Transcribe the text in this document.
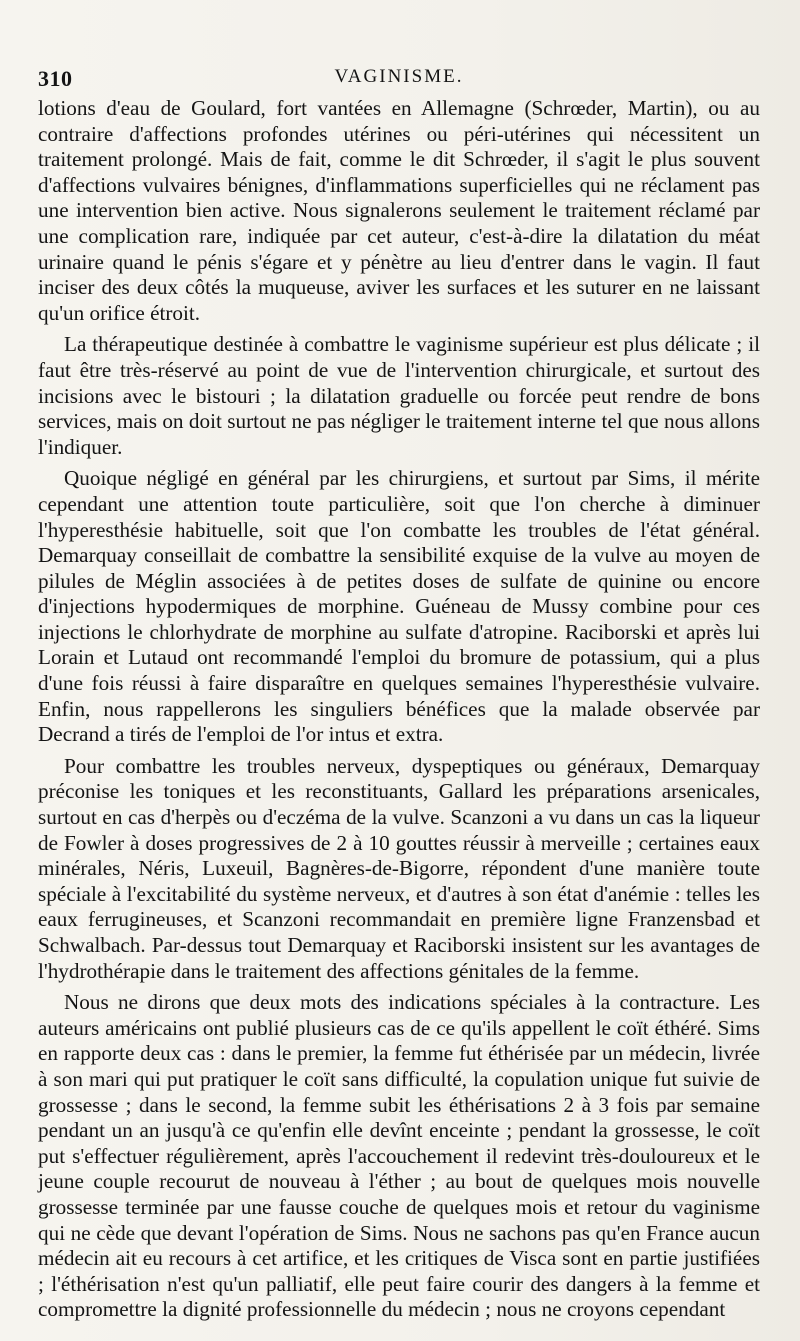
310	VAGINISME.

lotions d'eau de Goulard, fort vantées en Allemagne (Schrœder, Martin), ou au contraire d'affections profondes utérines ou péri-utérines qui nécessitent un traitement prolongé. Mais de fait, comme le dit Schrœder, il s'agit le plus souvent d'affections vulvaires bénignes, d'inflammations superficielles qui ne réclament pas une intervention bien active. Nous signalerons seulement le traitement réclamé par une complication rare, indiquée par cet auteur, c'est-à-dire la dilatation du méat urinaire quand le pénis s'égare et y pénètre au lieu d'entrer dans le vagin. Il faut inciser des deux côtés la muqueuse, aviver les surfaces et les suturer en ne laissant qu'un orifice étroit.

La thérapeutique destinée à combattre le vaginisme supérieur est plus délicate ; il faut être très-réservé au point de vue de l'intervention chirurgicale, et surtout des incisions avec le bistouri ; la dilatation graduelle ou forcée peut rendre de bons services, mais on doit surtout ne pas négliger le traitement interne tel que nous allons l'indiquer.

Quoique négligé en général par les chirurgiens, et surtout par Sims, il mérite cependant une attention toute particulière, soit que l'on cherche à diminuer l'hyperesthésie habituelle, soit que l'on combatte les troubles de l'état général. Demarquay conseillait de combattre la sensibilité exquise de la vulve au moyen de pilules de Méglin associées à de petites doses de sulfate de quinine ou encore d'injections hypodermiques de morphine. Guéneau de Mussy combine pour ces injections le chlorhydrate de morphine au sulfate d'atropine. Raciborski et après lui Lorain et Lutaud ont recommandé l'emploi du bromure de potassium, qui a plus d'une fois réussi à faire disparaître en quelques semaines l'hyperesthésie vulvaire. Enfin, nous rappellerons les singuliers bénéfices que la malade observée par Decrand a tirés de l'emploi de l'or intus et extra.

Pour combattre les troubles nerveux, dyspeptiques ou généraux, Demarquay préconise les toniques et les reconstituants, Gallard les préparations arsenicales, surtout en cas d'herpès ou d'eczéma de la vulve. Scanzoni a vu dans un cas la liqueur de Fowler à doses progressives de 2 à 10 gouttes réussir à merveille ; certaines eaux minérales, Néris, Luxeuil, Bagnères-de-Bigorre, répondent d'une manière toute spéciale à l'excitabilité du système nerveux, et d'autres à son état d'anémie : telles les eaux ferrugineuses, et Scanzoni recommandait en première ligne Franzensbad et Schwalbach. Par-dessus tout Demarquay et Raciborski insistent sur les avantages de l'hydrothérapie dans le traitement des affections génitales de la femme.

Nous ne dirons que deux mots des indications spéciales à la contracture. Les auteurs américains ont publié plusieurs cas de ce qu'ils appellent le coït éthéré. Sims en rapporte deux cas : dans le premier, la femme fut éthérisée par un médecin, livrée à son mari qui put pratiquer le coït sans difficulté, la copulation unique fut suivie de grossesse ; dans le second, la femme subit les éthérisations 2 à 3 fois par semaine pendant un an jusqu'à ce qu'enfin elle devînt enceinte ; pendant la grossesse, le coït put s'effectuer régulièrement, après l'accouchement il redevint très-douloureux et le jeune couple recourut de nouveau à l'éther ; au bout de quelques mois nouvelle grossesse terminée par une fausse couche de quelques mois et retour du vaginisme qui ne cède que devant l'opération de Sims. Nous ne sachons pas qu'en France aucun médecin ait eu recours à cet artifice, et les critiques de Visca sont en partie justifiées ; l'éthérisation n'est qu'un palliatif, elle peut faire courir des dangers à la femme et compromettre la dignité professionnelle du médecin ; nous ne croyons cependant
